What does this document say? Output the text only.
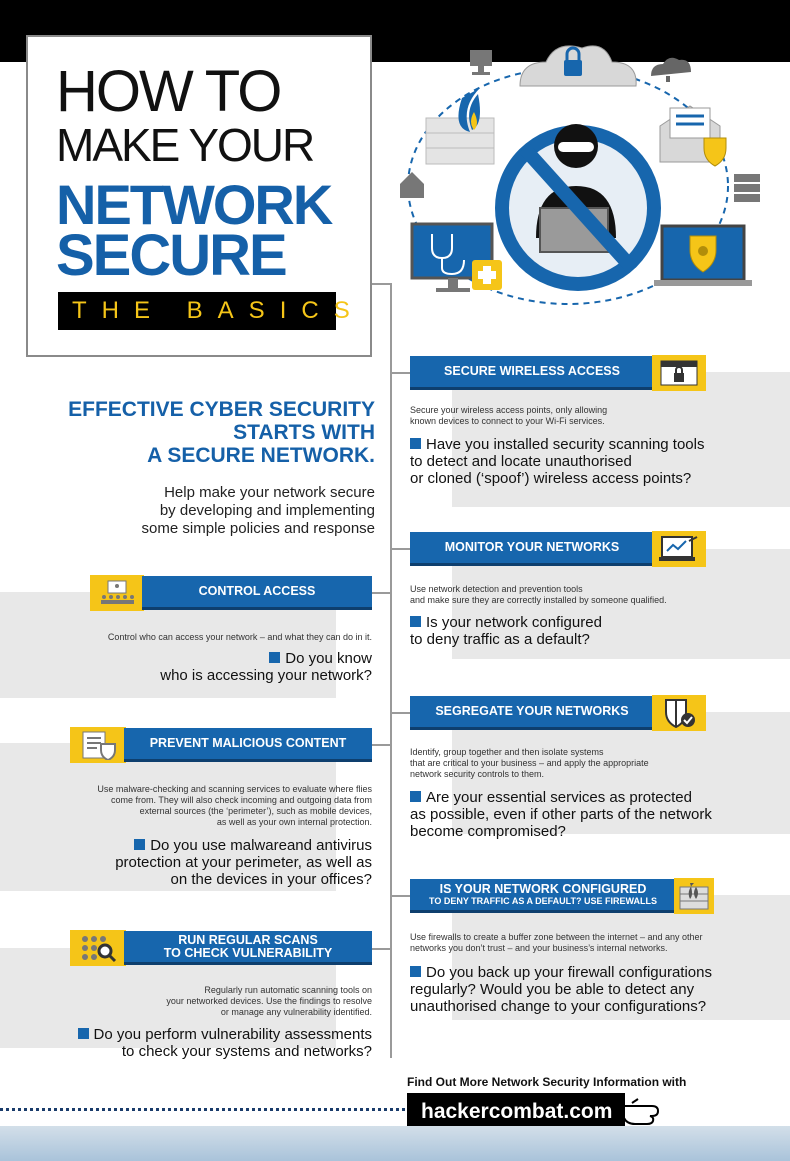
HOW TO
MAKE YOUR
NETWORK
SECURE
THE BASICS
EFFECTIVE CYBER SECURITY
STARTS WITH
A SECURE NETWORK.
Help make your network secure
by developing and implementing
some simple policies and response
SECURE WIRELESS ACCESS
Secure your wireless access points, only allowing
known devices to connect to your Wi-Fi services.
Have you installed security scanning tools
to detect and locate unauthorised
or cloned (‘spoof’) wireless access points?
MONITOR YOUR NETWORKS
Use network detection and prevention tools
and make sure they are correctly installed by someone qualified.
Is your network configured
to deny traffic as a default?
SEGREGATE YOUR NETWORKS
Identify, group together and then isolate systems
that are critical to your business – and apply the appropriate
network security controls to them.
Are your essential services as protected
as possible, even if other parts of the network
become compromised?
IS YOUR NETWORK CONFIGURED
TO DENY TRAFFIC AS A DEFAULT? USE FIREWALLS
Use firewalls to create a buffer zone between the internet – and any other
networks you don’t trust – and your business’s internal networks.
Do you back up your firewall configurations
regularly? Would you be able to detect any
unauthorised change to your configurations?
CONTROL ACCESS
Control who can access your network – and what they can do in it.
Do you know
who is accessing your network?
PREVENT MALICIOUS CONTENT
Use malware-checking and scanning services to evaluate where flies
come from. They will also check incoming and outgoing data from
external sources (the ‘perimeter’), such as mobile devices,
as well as your own internal protection.
Do you use malwareand antivirus
protection at your perimeter, as well as
on the devices in your offices?
RUN REGULAR SCANS
TO CHECK VULNERABILITY
Regularly run automatic scanning tools on
your networked devices. Use the findings to resolve
or manage any vulnerability identified.
Do you perform vulnerability assessments
to check your systems and networks?
Find Out More Network Security Information with
hackercombat.com
